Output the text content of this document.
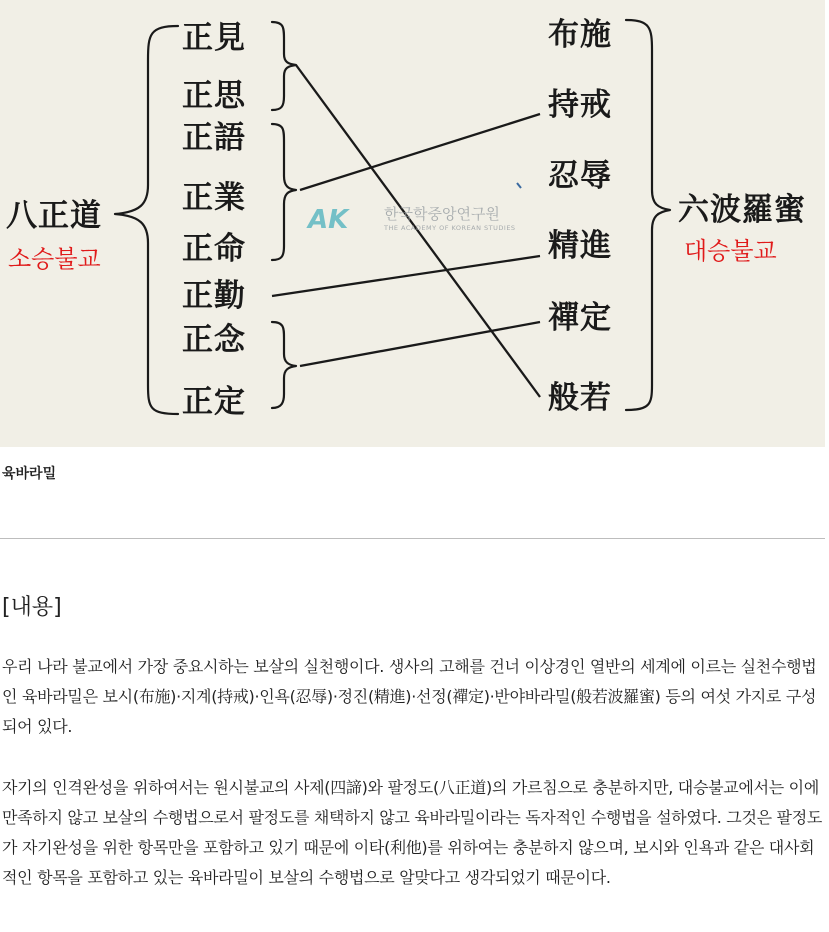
八正道
소승불교
正見
正思
正語
正業
正命
正勤
正念
正定
布施
持戒
忍辱
精進
禪定
般若
六波羅蜜
대승불교
AK 한국학중앙연구원
THE ACADEMY OF KOREAN STUDIES
육바라밀
[내용]

우리 나라 불교에서 가장 중요시하는 보살의 실천행이다. 생사의 고해를 건너 이상경인 열반의 세계에 이르는 실천수행법인 육바라밀은 보시(布施)·지계(持戒)·인욕(忍辱)·정진(精進)·선정(禪定)·반야바라밀(般若波羅蜜) 등의 여섯 가지로 구성되어 있다.

자기의 인격완성을 위하여서는 원시불교의 사제(四諦)와 팔정도(八正道)의 가르침으로 충분하지만, 대승불교에서는 이에 만족하지 않고 보살의 수행법으로서 팔정도를 채택하지 않고 육바라밀이라는 독자적인 수행법을 설하였다. 그것은 팔정도가 자기완성을 위한 항목만을 포함하고 있기 때문에 이타(利他)를 위하여는 충분하지 않으며, 보시와 인욕과 같은 대사회적인 항목을 포함하고 있는 육바라밀이 보살의 수행법으로 알맞다고 생각되었기 때문이다.
